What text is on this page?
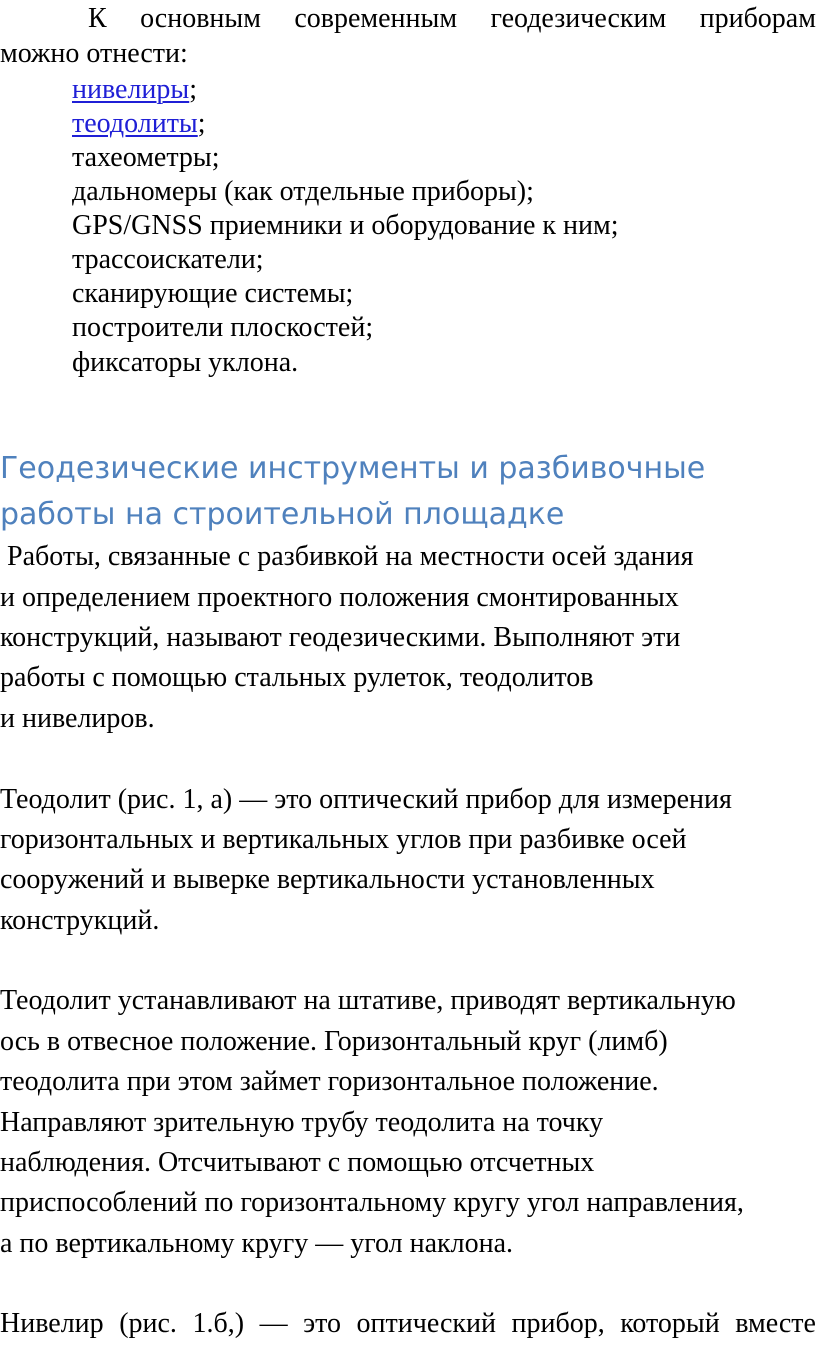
К основным современным геодезическим приборам
можно отнести:
нивелиры;
теодолиты;
тахеометры;
дальномеры (как отдельные приборы);
GPS/GNSS приемники и оборудование к ним;
трассоискатели;
сканирующие системы;
построители плоскостей;
фиксаторы уклона.
Геодезические инструменты и разбивочные
работы на строительной площадке
Работы, связанные с разбивкой на местности осей здания
и определением проектного положения смонтированных
конструкций, называют геодезическими. Выполняют эти
работы с помощью стальных рулеток, теодолитов
и нивелиров.
Теодолит (рис. 1, а) — это оптический прибор для измерения
горизонтальных и вертикальных углов при разбивке осей
сооружений и выверке вертикальности установленных
конструкций.
Теодолит устанавливают на штативе, приводят вертикальную
ось в отвесное положение. Горизонтальный круг (лимб)
теодолита при этом займет горизонтальное положение.
Направляют зрительную трубу теодолита на точку
наблюдения. Отсчитывают с помощью отсчетных
приспособлений по горизонтальному кругу угол направления,
а по вертикальному кругу — угол наклона.
Нивелир (рис. 1.б,) — это оптический прибор, который вместе
